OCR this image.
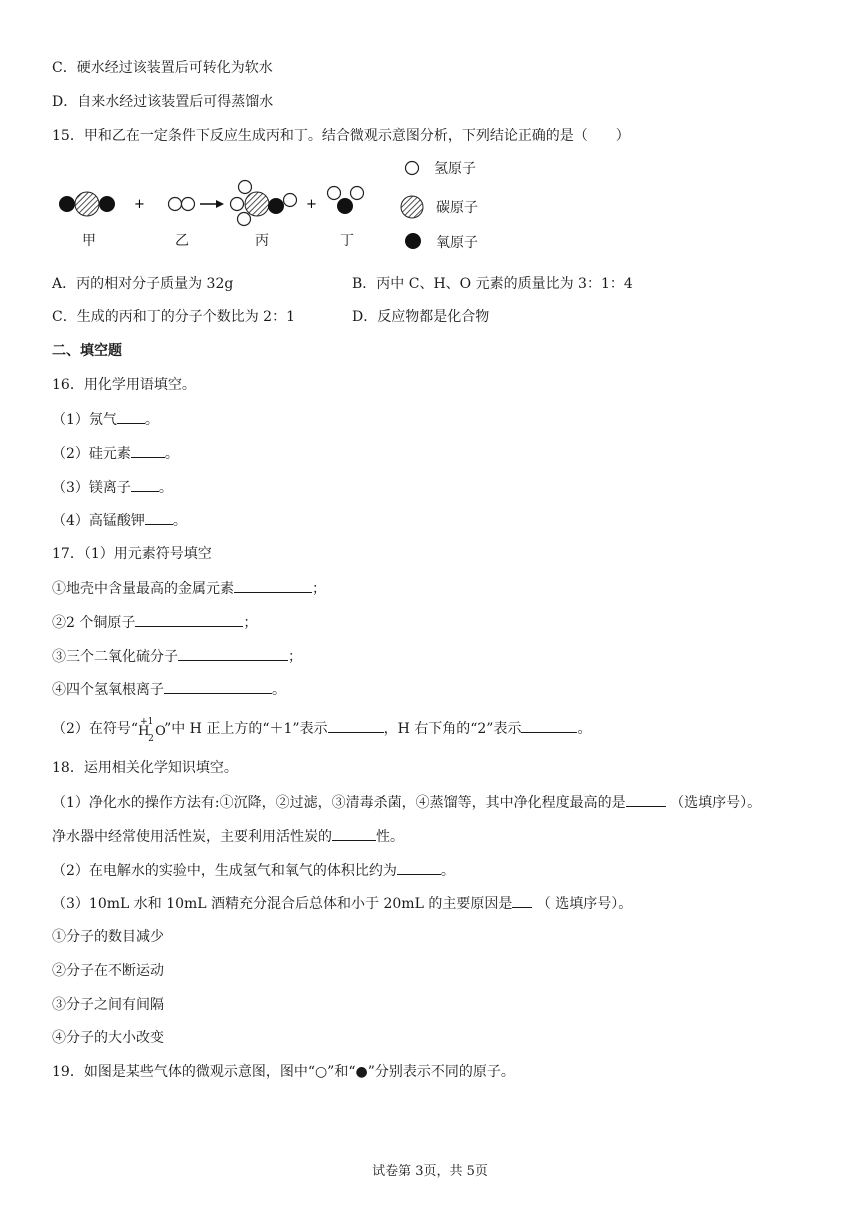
C．硬水经过该装置后可转化为软水
D．自来水经过该装置后可得蒸馏水
15．甲和乙在一定条件下反应生成丙和丁。结合微观示意图分析，下列结论正确的是（　　）
+	+
氢原子
碳原子
氧原子
甲	乙	丙	丁
A．丙的相对分子质量为 32g	B．丙中 C、H、O 元素的质量比为 3：1：4
C．生成的丙和丁的分子个数比为 2：1	D．反应物都是化合物
二、填空题
16．用化学用语填空。
（1）氖气 。
（2）硅元素 。
（3）镁离子 。
（4）高锰酸钾 。
17．（1）用元素符号填空
①地壳中含量最高的金属元素	；
②2 个铜原子	；
③三个二氧化硫分子	；
④四个氢氧根离子	。
（2）在符号“ +1
H
2 O
”中 H 正上方的“＋1”表示	，H 右下角的“2”表示	。
18．运用相关化学知识填空。
（1）净化水的操作方法有:①沉降，②过滤，③清毒杀菌，④蒸馏等，其中净化程度最高的是	（选填序号）。
净水器中经常使用活性炭，主要利用活性炭的	性。
（2）在电解水的实验中，生成氢气和氧气的体积比约为	。
（3）10mL 水和 10mL 酒精充分混合后总体和小于 20mL 的主要原因是 （ 选填序号）。
①分子的数目减少
②分子在不断运动
③分子之间有间隔
④分子的大小改变
19．如图是某些气体的微观示意图，图中“○”和“●”分别表示不同的原子。
试卷第 3页，共 5页
